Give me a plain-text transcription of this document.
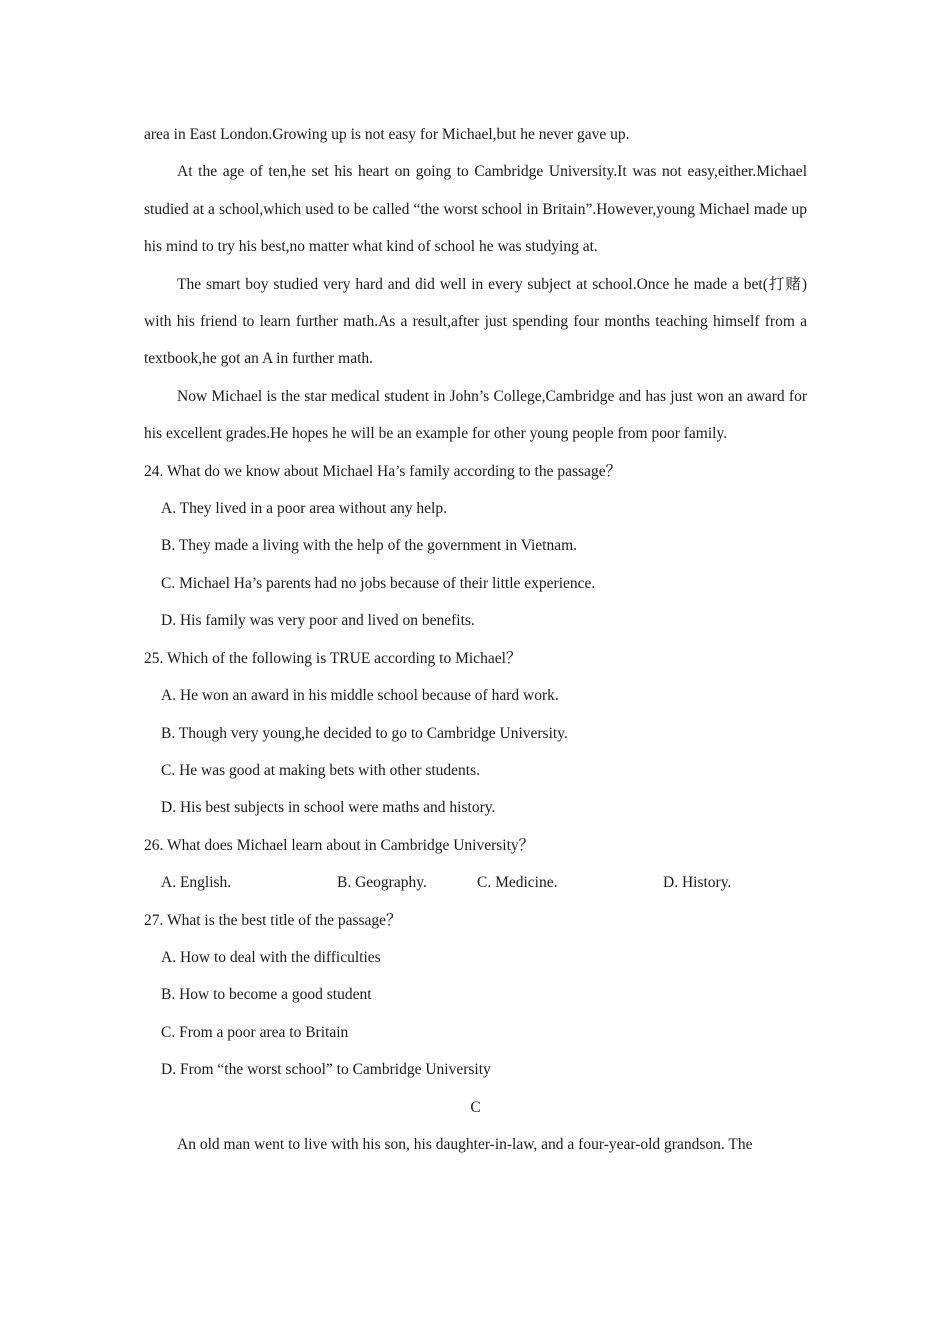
area in East London.Growing up is not easy for Michael,but he never gave up.

At the age of ten,he set his heart on going to Cambridge University.It was not easy,either.Michael studied at a school,which used to be called “the worst school in Britain”.However,young Michael made up his mind to try his best,no matter what kind of school he was studying at.

The smart boy studied very hard and did well in every subject at school.Once he made a bet(打赌) with his friend to learn further math.As a result,after just spending four months teaching himself from a textbook,he got an A in further math.

Now Michael is the star medical student in John’s College,Cambridge and has just won an award for his excellent grades.He hopes he will be an example for other young people from poor family.

24. What do we know about Michael Ha’s family according to the passage？

A. They lived in a poor area without any help.

B. They made a living with the help of the government in Vietnam.

C. Michael Ha’s parents had no jobs because of their little experience.

D. His family was very poor and lived on benefits.

25. Which of the following is TRUE according to Michael？

A. He won an award in his middle school because of hard work.

B. Though very young,he decided to go to Cambridge University.

C. He was good at making bets with other students.

D. His best subjects in school were maths and history.

26. What does Michael learn about in Cambridge University？

A. English.	B. Geography.	C. Medicine.	D. History.

27. What is the best title of the passage？

A. How to deal with the difficulties

B. How to become a good student

C. From a poor area to Britain

D. From “the worst school” to Cambridge University

C

An old man went to live with his son, his daughter-in-law, and a four-year-old grandson. The
